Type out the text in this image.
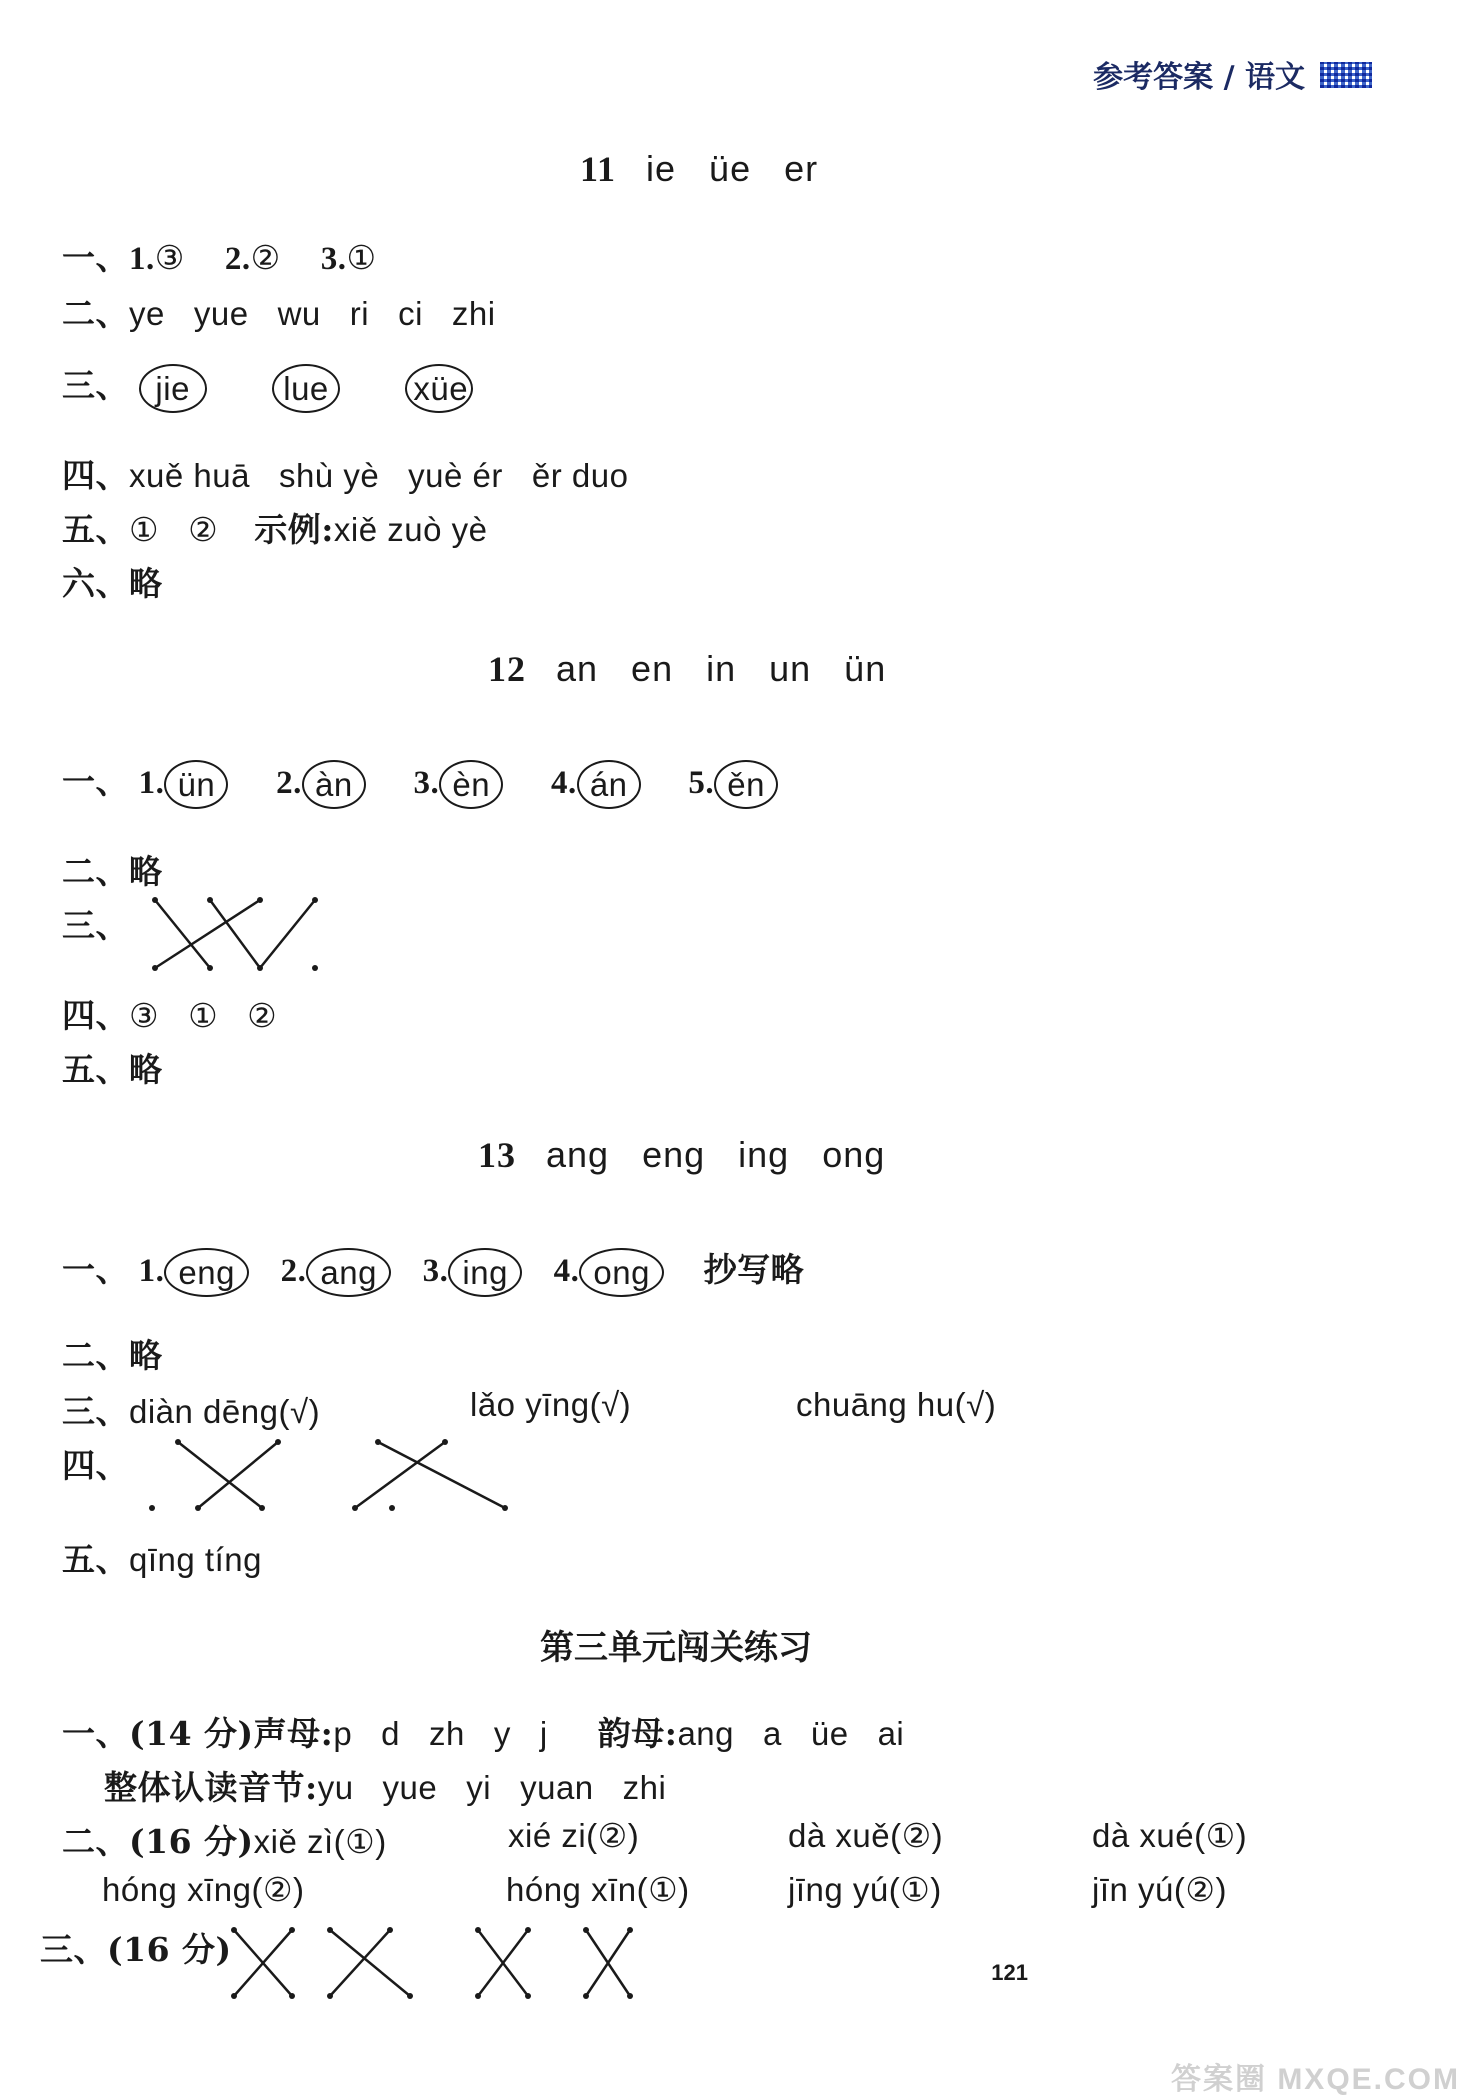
参考答案 / 语文
11 ie   üe   er
一、1.③ 2.② 3.①
二、ye   yue   wu   ri   ci   zhi
三、 jie	lue	xüe
四、xuě huā   shù yè   yuè ér   ěr duo
五、①   ② 示例:xiě zuò yè
六、略
12 an   en   in   un   ün
一、 1. ün 2. àn 3. èn 4. án 5. ěn
二、略
三、
四、③   ①   ②
五、略
13 ang   eng   ing   ong
一、 1. eng 2. ang 3. ing 4. ong 抄写略
二、略
三、diàn dēng(√)	lǎo yīng(√)	chuāng hu(√)
四、
五、qīng tíng
第三单元闯关练习
一、(14 分)声母:p   d   zh   y   j 韵母:ang   a   üe   ai
整体认读音节:yu   yue   yi   yuan   zhi
二、(16 分)xiě zì(①)	xié zi(②)	dà xuě(②)	dà xué(①)
hóng xīng(②)	hóng xīn(①)	jīng yú(①)	jīn yú(②)
三、(16 分)
121
答案圈 MXQE.COM
